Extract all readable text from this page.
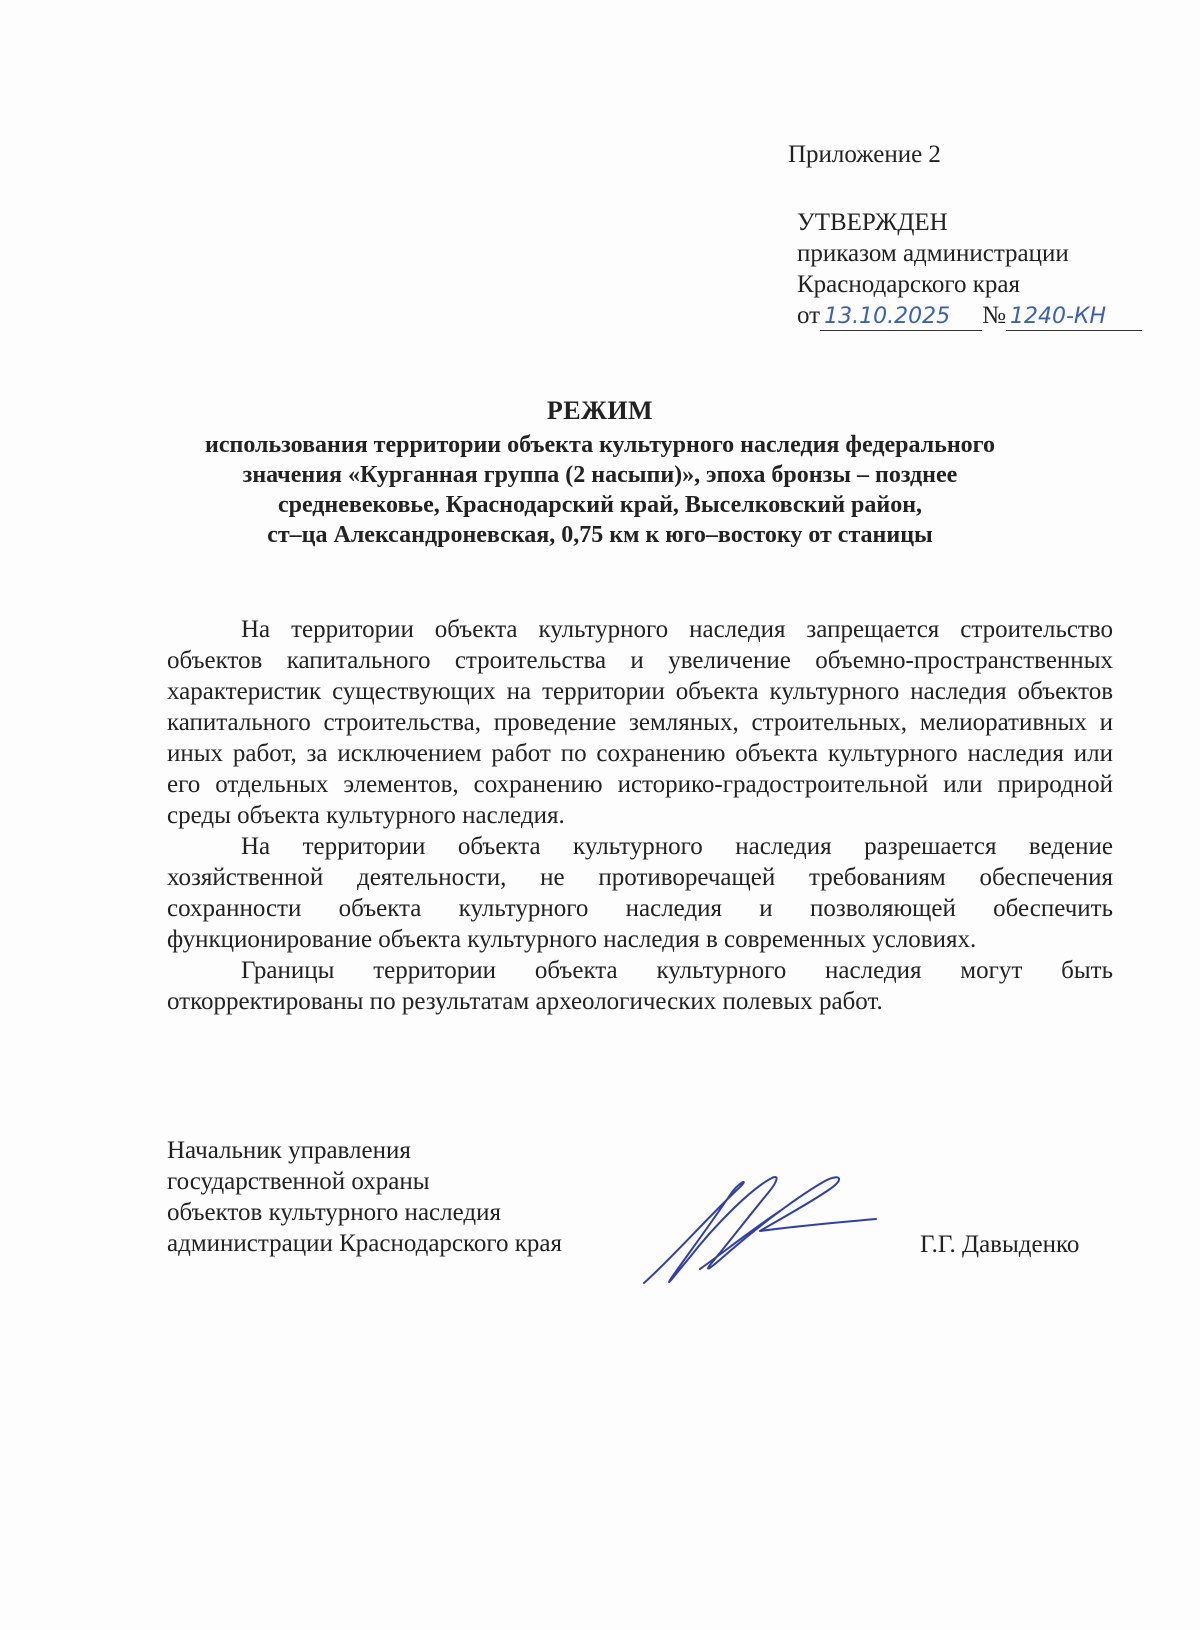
Приложение 2
УТВЕРЖДЕН
приказом администрации
Краснодарского края
от 13.10.2025 № 1240-КН
РЕЖИМ
использования территории объекта культурного наследия федерального
значения «Курганная группа (2 насыпи)», эпоха бронзы – позднее
средневековье, Краснодарский край, Выселковский район,
ст–ца Александроневская, 0,75 км к юго–востоку от станицы

На территории объекта культурного наследия запрещается строительство объектов капитального строительства и увеличение объемно-пространственных характеристик существующих на территории объекта культурного наследия объектов капитального строительства, проведение земляных, строительных, мелиоративных и иных работ, за исключением работ по сохранению объекта культурного наследия или его отдельных элементов, сохранению историко-градостроительной или природной среды объекта культурного наследия.

На территории объекта культурного наследия разрешается ведение хозяйственной деятельности, не противоречащей требованиям обеспечения сохранности объекта культурного наследия и позволяющей обеспечить функционирование объекта культурного наследия в современных условиях.

Границы территории объекта культурного наследия могут быть откорректированы по результатам археологических полевых работ.

Начальник управления
государственной охраны
объектов культурного наследия
администрации Краснодарского края	Г.Г. Давыденко
